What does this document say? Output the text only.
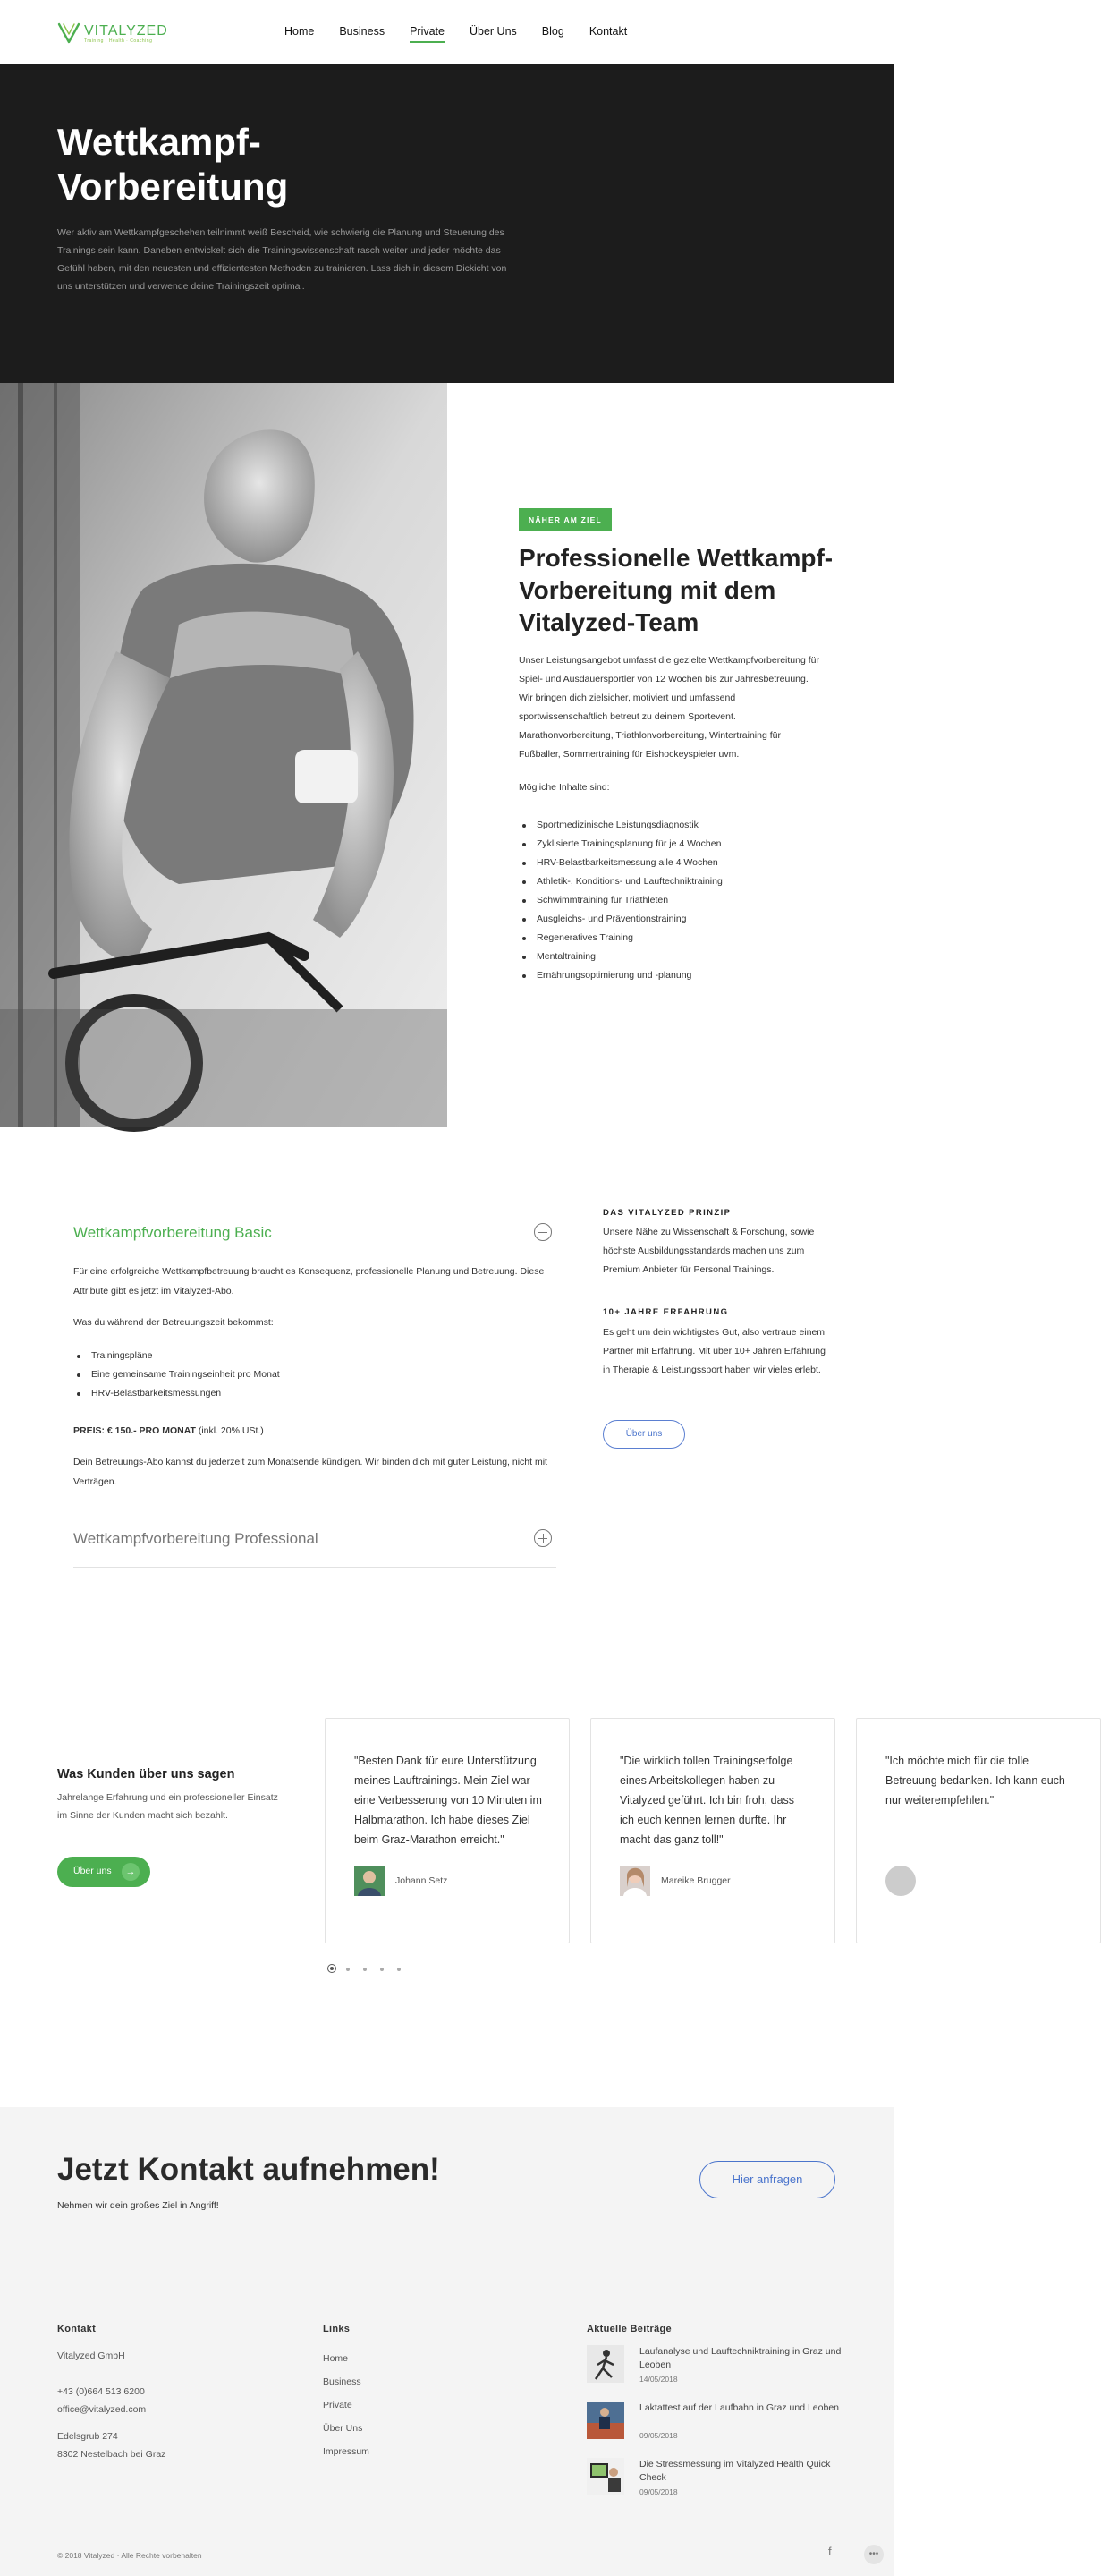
VITALYZED
Training · Health · Coaching
Home Business Private Über Uns Blog Kontakt
Wettkampf-Vorbereitung

Wer aktiv am Wettkampfgeschehen teilnimmt weiß Bescheid, wie schwierig die Planung und Steuerung des Trainings sein kann. Daneben entwickelt sich die Trainingswissenschaft rasch weiter und jeder möchte das Gefühl haben, mit den neuesten und effizientesten Methoden zu trainieren. Lass dich in diesem Dickicht von uns unterstützen und verwende deine Trainingszeit optimal.

NÄHER AM ZIEL
Professionelle Wettkampf-Vorbereitung mit dem Vitalyzed-Team

Unser Leistungsangebot umfasst die gezielte Wettkampfvorbereitung für Spiel- und Ausdauersportler von 12 Wochen bis zur Jahresbetreuung. Wir bringen dich zielsicher, motiviert und umfassend sportwissenschaftlich betreut zu deinem Sportevent. Marathonvorbereitung, Triathlonvorbereitung, Wintertraining für Fußballer, Sommertraining für Eishockeyspieler uvm.

Mögliche Inhalte sind:

Sportmedizinische Leistungsdiagnostik
Zyklisierte Trainingsplanung für je 4 Wochen
HRV-Belastbarkeitsmessung alle 4 Wochen
Athletik-, Konditions- und Lauftechniktraining
Schwimmtraining für Triathleten
Ausgleichs- und Präventionstraining
Regeneratives Training
Mentaltraining
Ernährungsoptimierung und -planung
Wettkampfvorbereitung Basic

Für eine erfolgreiche Wettkampfbetreuung braucht es Konsequenz, professionelle Planung und Betreuung. Diese Attribute gibt es jetzt im Vitalyzed-Abo.

Was du während der Betreuungszeit bekommst:

Trainingspläne
Eine gemeinsame Trainingseinheit pro Monat
HRV-Belastbarkeitsmessungen

PREIS: € 150.- PRO MONAT (inkl. 20% USt.)

Dein Betreuungs-Abo kannst du jederzeit zum Monatsende kündigen. Wir binden dich mit guter Leistung, nicht mit Verträgen.

Wettkampfvorbereitung Professional
DAS VITALYZED PRINZIP

Unsere Nähe zu Wissenschaft & Forschung, sowie höchste Ausbildungsstandards machen uns zum Premium Anbieter für Personal Trainings.

10+ JAHRE ERFAHRUNG

Es geht um dein wichtigstes Gut, also vertraue einem Partner mit Erfahrung. Mit über 10+ Jahren Erfahrung in Therapie & Leistungssport haben wir vieles erlebt.

Über uns
Was Kunden über uns sagen

Jahrelange Erfahrung und ein professioneller Einsatz im Sinne der Kunden macht sich bezahlt.

Über uns	→

"Besten Dank für eure Unterstützung meines Lauftrainings. Mein Ziel war eine Verbesserung von 10 Minuten im Halbmarathon. Ich habe dieses Ziel beim Graz-Marathon erreicht."

Johann Setz

"Die wirklich tollen Trainingserfolge eines Arbeitskollegen haben zu Vitalyzed geführt. Ich bin froh, dass ich euch kennen lernen durfte. Ihr macht das ganz toll!"

Mareike Brugger

"Ich möchte mich für die tolle Betreuung bedanken. Ich kann euch nur weiterempfehlen."

Jetzt Kontakt aufnehmen!

Nehmen wir dein großes Ziel in Angriff!

Hier anfragen
Kontakt
Vitalyzed GmbH
+43 (0)664 513 6200
office@vitalyzed.com
Edelsgrub 274
8302 Nestelbach bei Graz
Links
Home
Business
Private
Über Uns
Impressum
Aktuelle Beiträge
Laufanalyse und Lauftechniktraining in Graz und Leoben
14/05/2018
Laktattest auf der Laufbahn in Graz und Leoben
09/05/2018
Die Stressmessung im Vitalyzed Health Quick Check
09/05/2018
© 2018 Vitalyzed · Alle Rechte vorbehalten	f	•••
